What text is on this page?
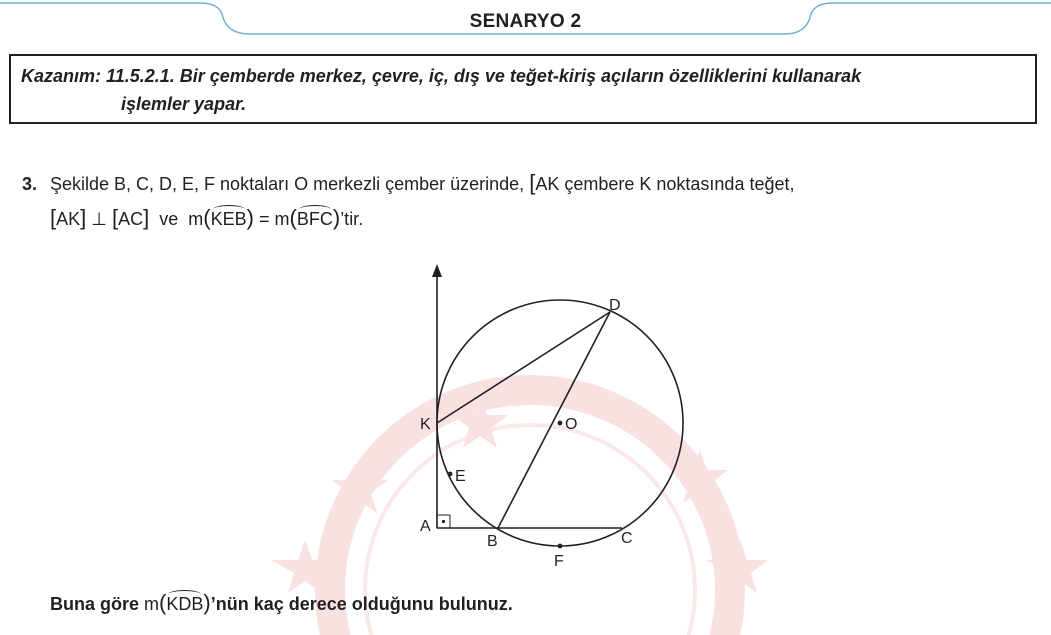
SENARYO 2
Kazanım: 11.5.2.1. Bir çemberde merkez, çevre, iç, dış ve teğet-kiriş açıların özelliklerini kullanarak
işlemler yapar.
3. Şekilde B, C, D, E, F noktaları O merkezli çember üzerinde, [AK çembere K noktasında teğet,
[AK] ⊥ [AC] ve m(KEB) = m(BFC)’tir.
D
K	O
E
A
B	C
F
Buna göre m(KDB)’nün kaç derece olduğunu bulunuz.
